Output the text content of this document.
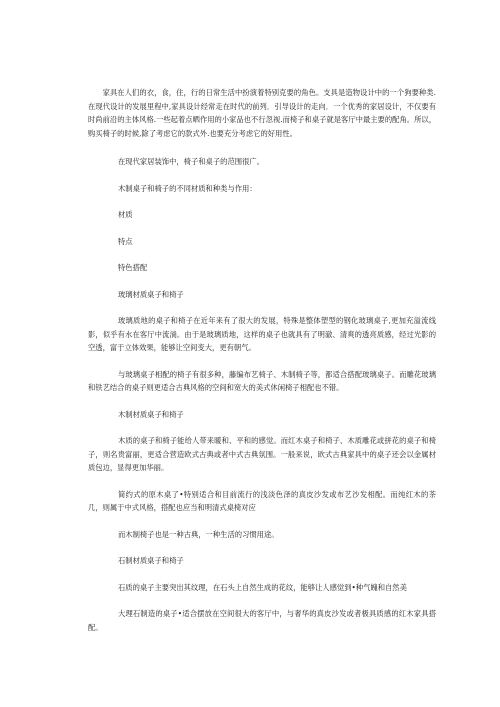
家具在人们的衣，食，住，行的日常生活中扮演着特别克要的角色。支具是造物设计中的一个狗要种类.在现代设计的发展里程中,家具设计经常走在时代的前列．引导设计的走向．一个优秀的家居设计，不仅要有时尚前沿的主体风格.一些起着点晒作用的小家品也不行忽视.而椅子和桌子就是客厅中最主要的配角。所以，购买椅子的时候,除了考虑它的款式外.也要充分考虑它的好用性。

在现代家居装饰中，椅子和桌子的范围很广。

木制桌子和椅子的不同材质和种类与作用：

材质

特点

特色搭配

玻璃材质桌子和椅子

玻璃质地的桌子和椅子在近年来有了很大的发展，特殊是整体塑型的钢化玻璃桌子,更加充溢流线影，似乎有水在客厅中流淌。由于是玻璃质地，这样的桌子也就具有了明澈、清爽的透亮质感，经过光影的空透，富于立体效果，能够让空间变大，更有朝气。

与玻璃桌子相配的椅子有很多种，藤编布艺椅子、木制椅子等，都适合搭配玻璃桌子。而雕花玻璃和铁艺结合的桌子则更适合古典风格的空间和宽大的美式休闲椅子相配也不错。

木制材质桌子和椅子

木质的桌子和椅子能给人带来暖和、平和的感觉。而红木桌子和椅子、木质雕花或拼花的桌子和椅子，则名贵富丽，更适合营造欧式古典或者中式古典氛围。一般来说，欧式古典家具中的桌子还会以金属材质包边，显得更加华丽。

简约式的原木桌了•特别适合和目前流行的浅淡色泽的真皮沙发或布艺沙发相配。而纯红木的茶几，则属于中式风格，搭配也应当和明清式桌椅对应

而木制椅子也是一种古典，一种生活的习惯用途。

石制材质桌子和椅子

石质的桌子主要突出其纹理，在石头上自然生成的花纹，能够让人感觉到•种气魄和自然美

大理石制造的桌子•适合摆放在空间很大的客厅中，与奢华的真皮沙发或者极具质感的红木家具搭配。
